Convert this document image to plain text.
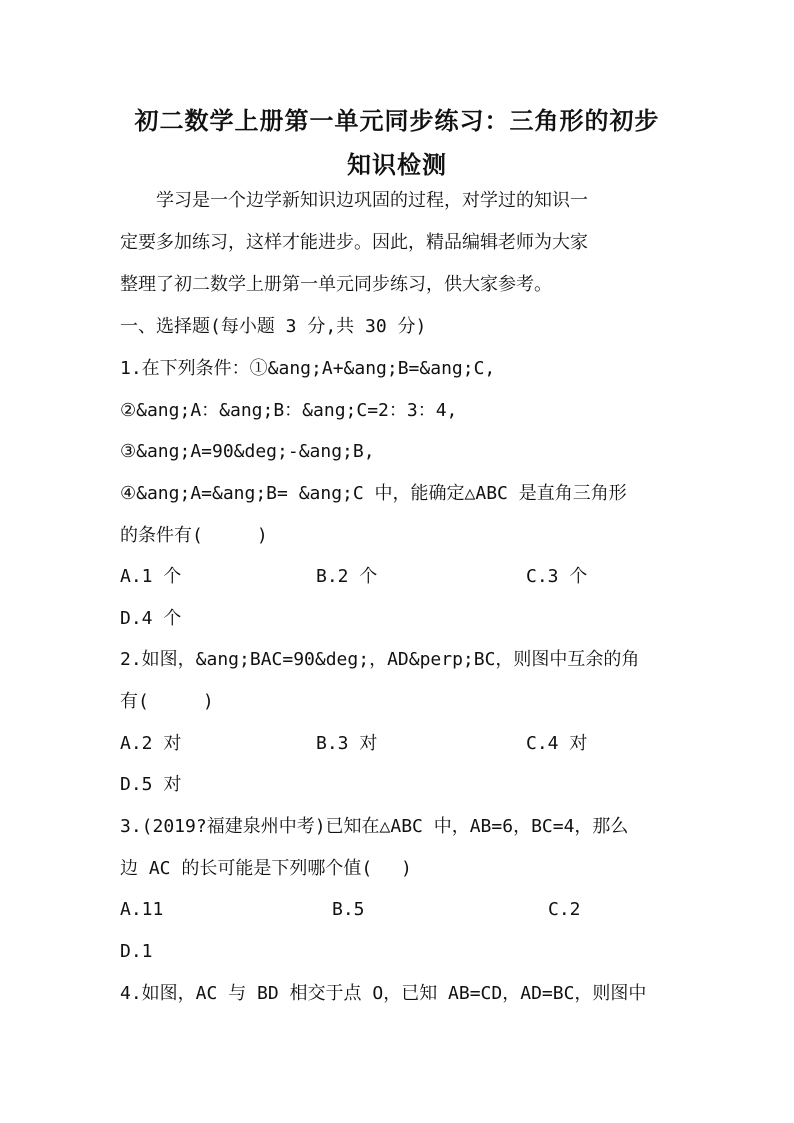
初二数学上册第一单元同步练习：三角形的初步
知识检测
　　学习是一个边学新知识边巩固的过程，对学过的知识一
定要多加练习，这样才能进步。因此，精品编辑老师为大家
整理了初二数学上册第一单元同步练习，供大家参考。
一、选择题(每小题 3 分,共 30 分)
1.在下列条件：①&ang;A+&ang;B=&ang;C,
②&ang;A：&ang;B：&ang;C=2：3：4,
③&ang;A=90&deg;-&ang;B,
④&ang;A=&ang;B= &ang;C 中，能确定△ABC 是直角三角形
的条件有(　　　)
A.1 个	B.2 个	C.3 个
D.4 个
2.如图，&ang;BAC=90&deg;，AD&perp;BC，则图中互余的角
有(　　　)
A.2 对	B.3 对	C.4 对
D.5 对
3.(2019?福建泉州中考)已知在△ABC 中，AB=6，BC=4，那么
边 AC 的长可能是下列哪个值(　 )
A.11	B.5	C.2
D.1
4.如图，AC 与 BD 相交于点 O，已知 AB=CD，AD=BC，则图中
